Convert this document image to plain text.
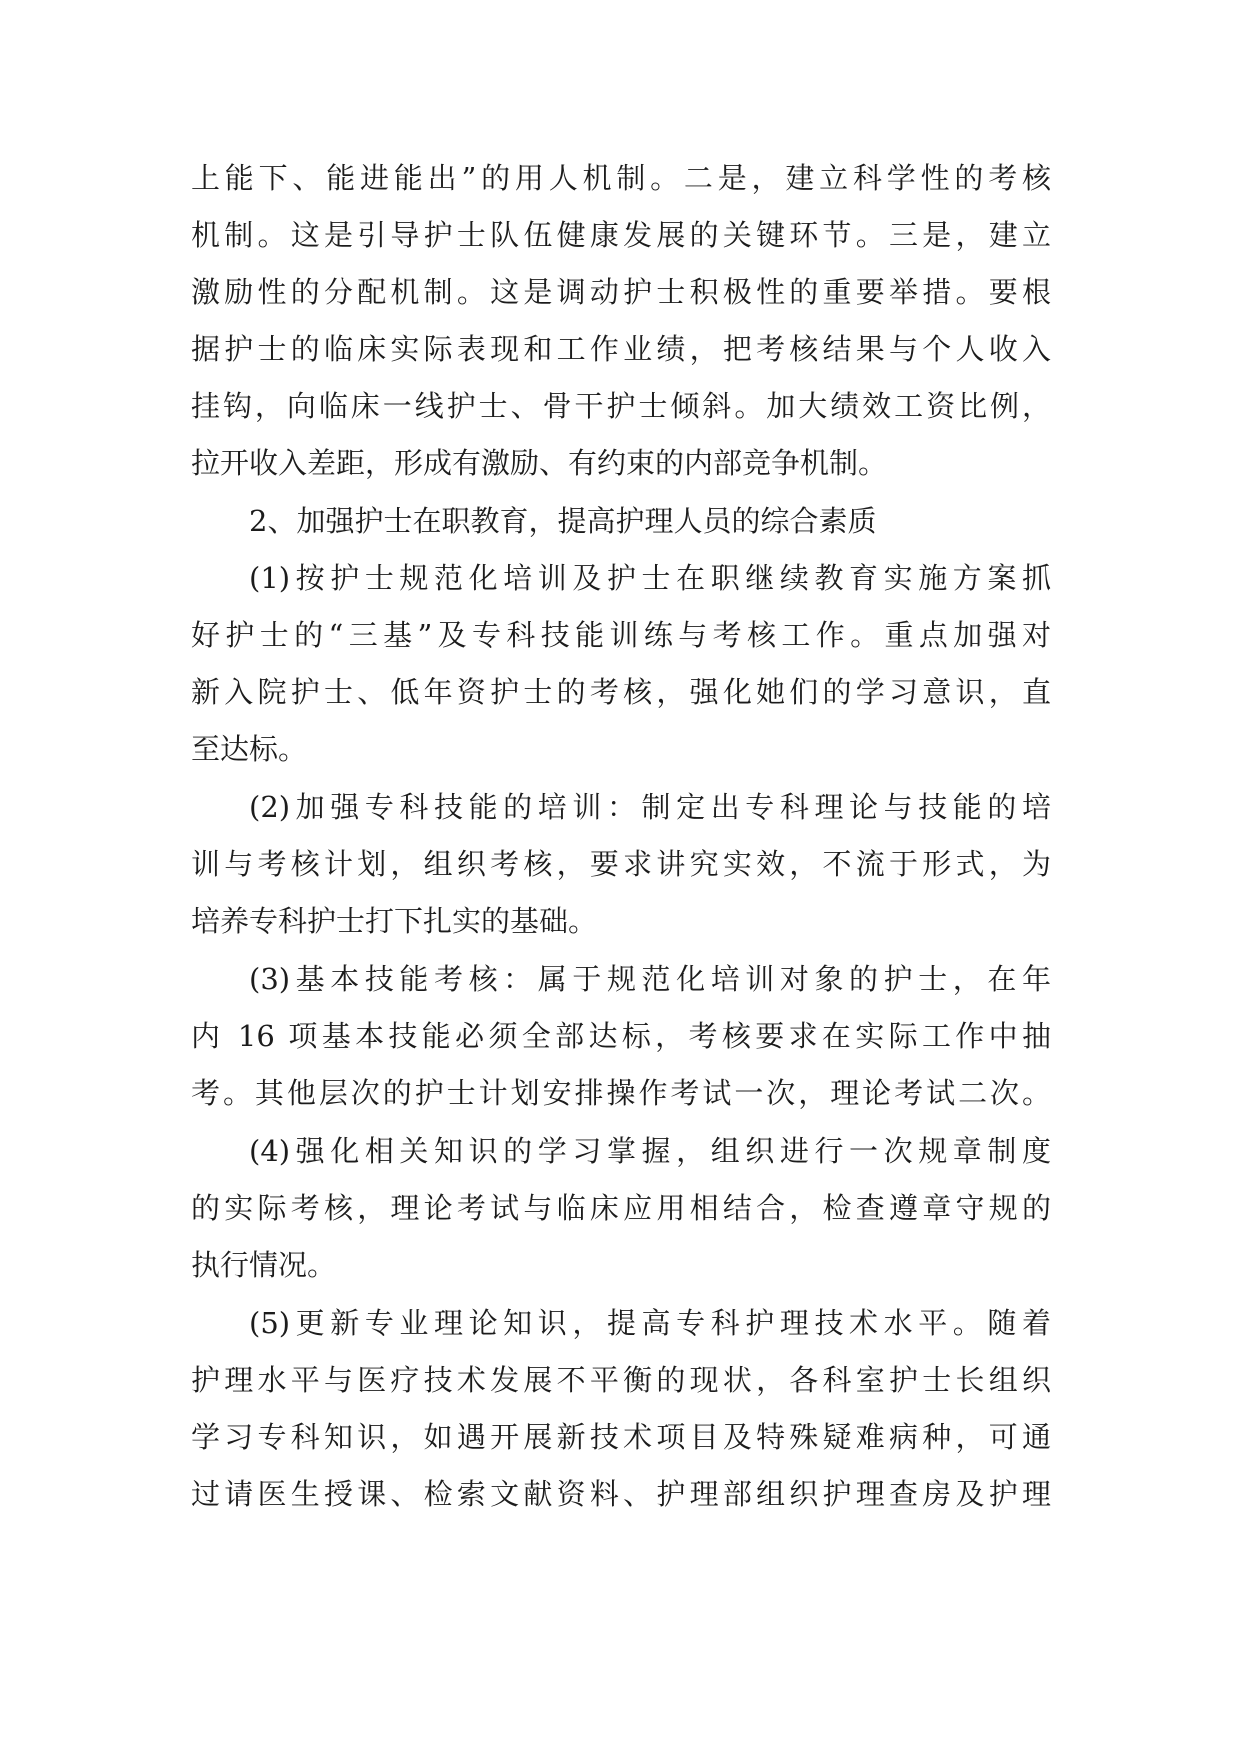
上能下、能进能出”的用人机制。二是，建立科学性的考核
机制。这是引导护士队伍健康发展的关键环节。三是，建立
激励性的分配机制。这是调动护士积极性的重要举措。要根
据护士的临床实际表现和工作业绩，把考核结果与个人收入
挂钩，向临床一线护士、骨干护士倾斜。加大绩效工资比例，
拉开收入差距，形成有激励、有约束的内部竞争机制。
2、加强护士在职教育，提高护理人员的综合素质
(1)按护士规范化培训及护士在职继续教育实施方案抓
好护士的“三基”及专科技能训练与考核工作。重点加强对
新入院护士、低年资护士的考核，强化她们的学习意识，直
至达标。
(2)加强专科技能的培训：制定出专科理论与技能的培
训与考核计划，组织考核，要求讲究实效，不流于形式，为
培养专科护士打下扎实的基础。
(3)基本技能考核：属于规范化培训对象的护士，在年
内 16 项基本技能必须全部达标，考核要求在实际工作中抽
考。其他层次的护士计划安排操作考试一次，理论考试二次。
(4)强化相关知识的学习掌握，组织进行一次规章制度
的实际考核，理论考试与临床应用相结合，检查遵章守规的
执行情况。
(5)更新专业理论知识，提高专科护理技术水平。随着
护理水平与医疗技术发展不平衡的现状，各科室护士长组织
学习专科知识，如遇开展新技术项目及特殊疑难病种，可通
过请医生授课、检索文献资料、护理部组织护理查房及护理
